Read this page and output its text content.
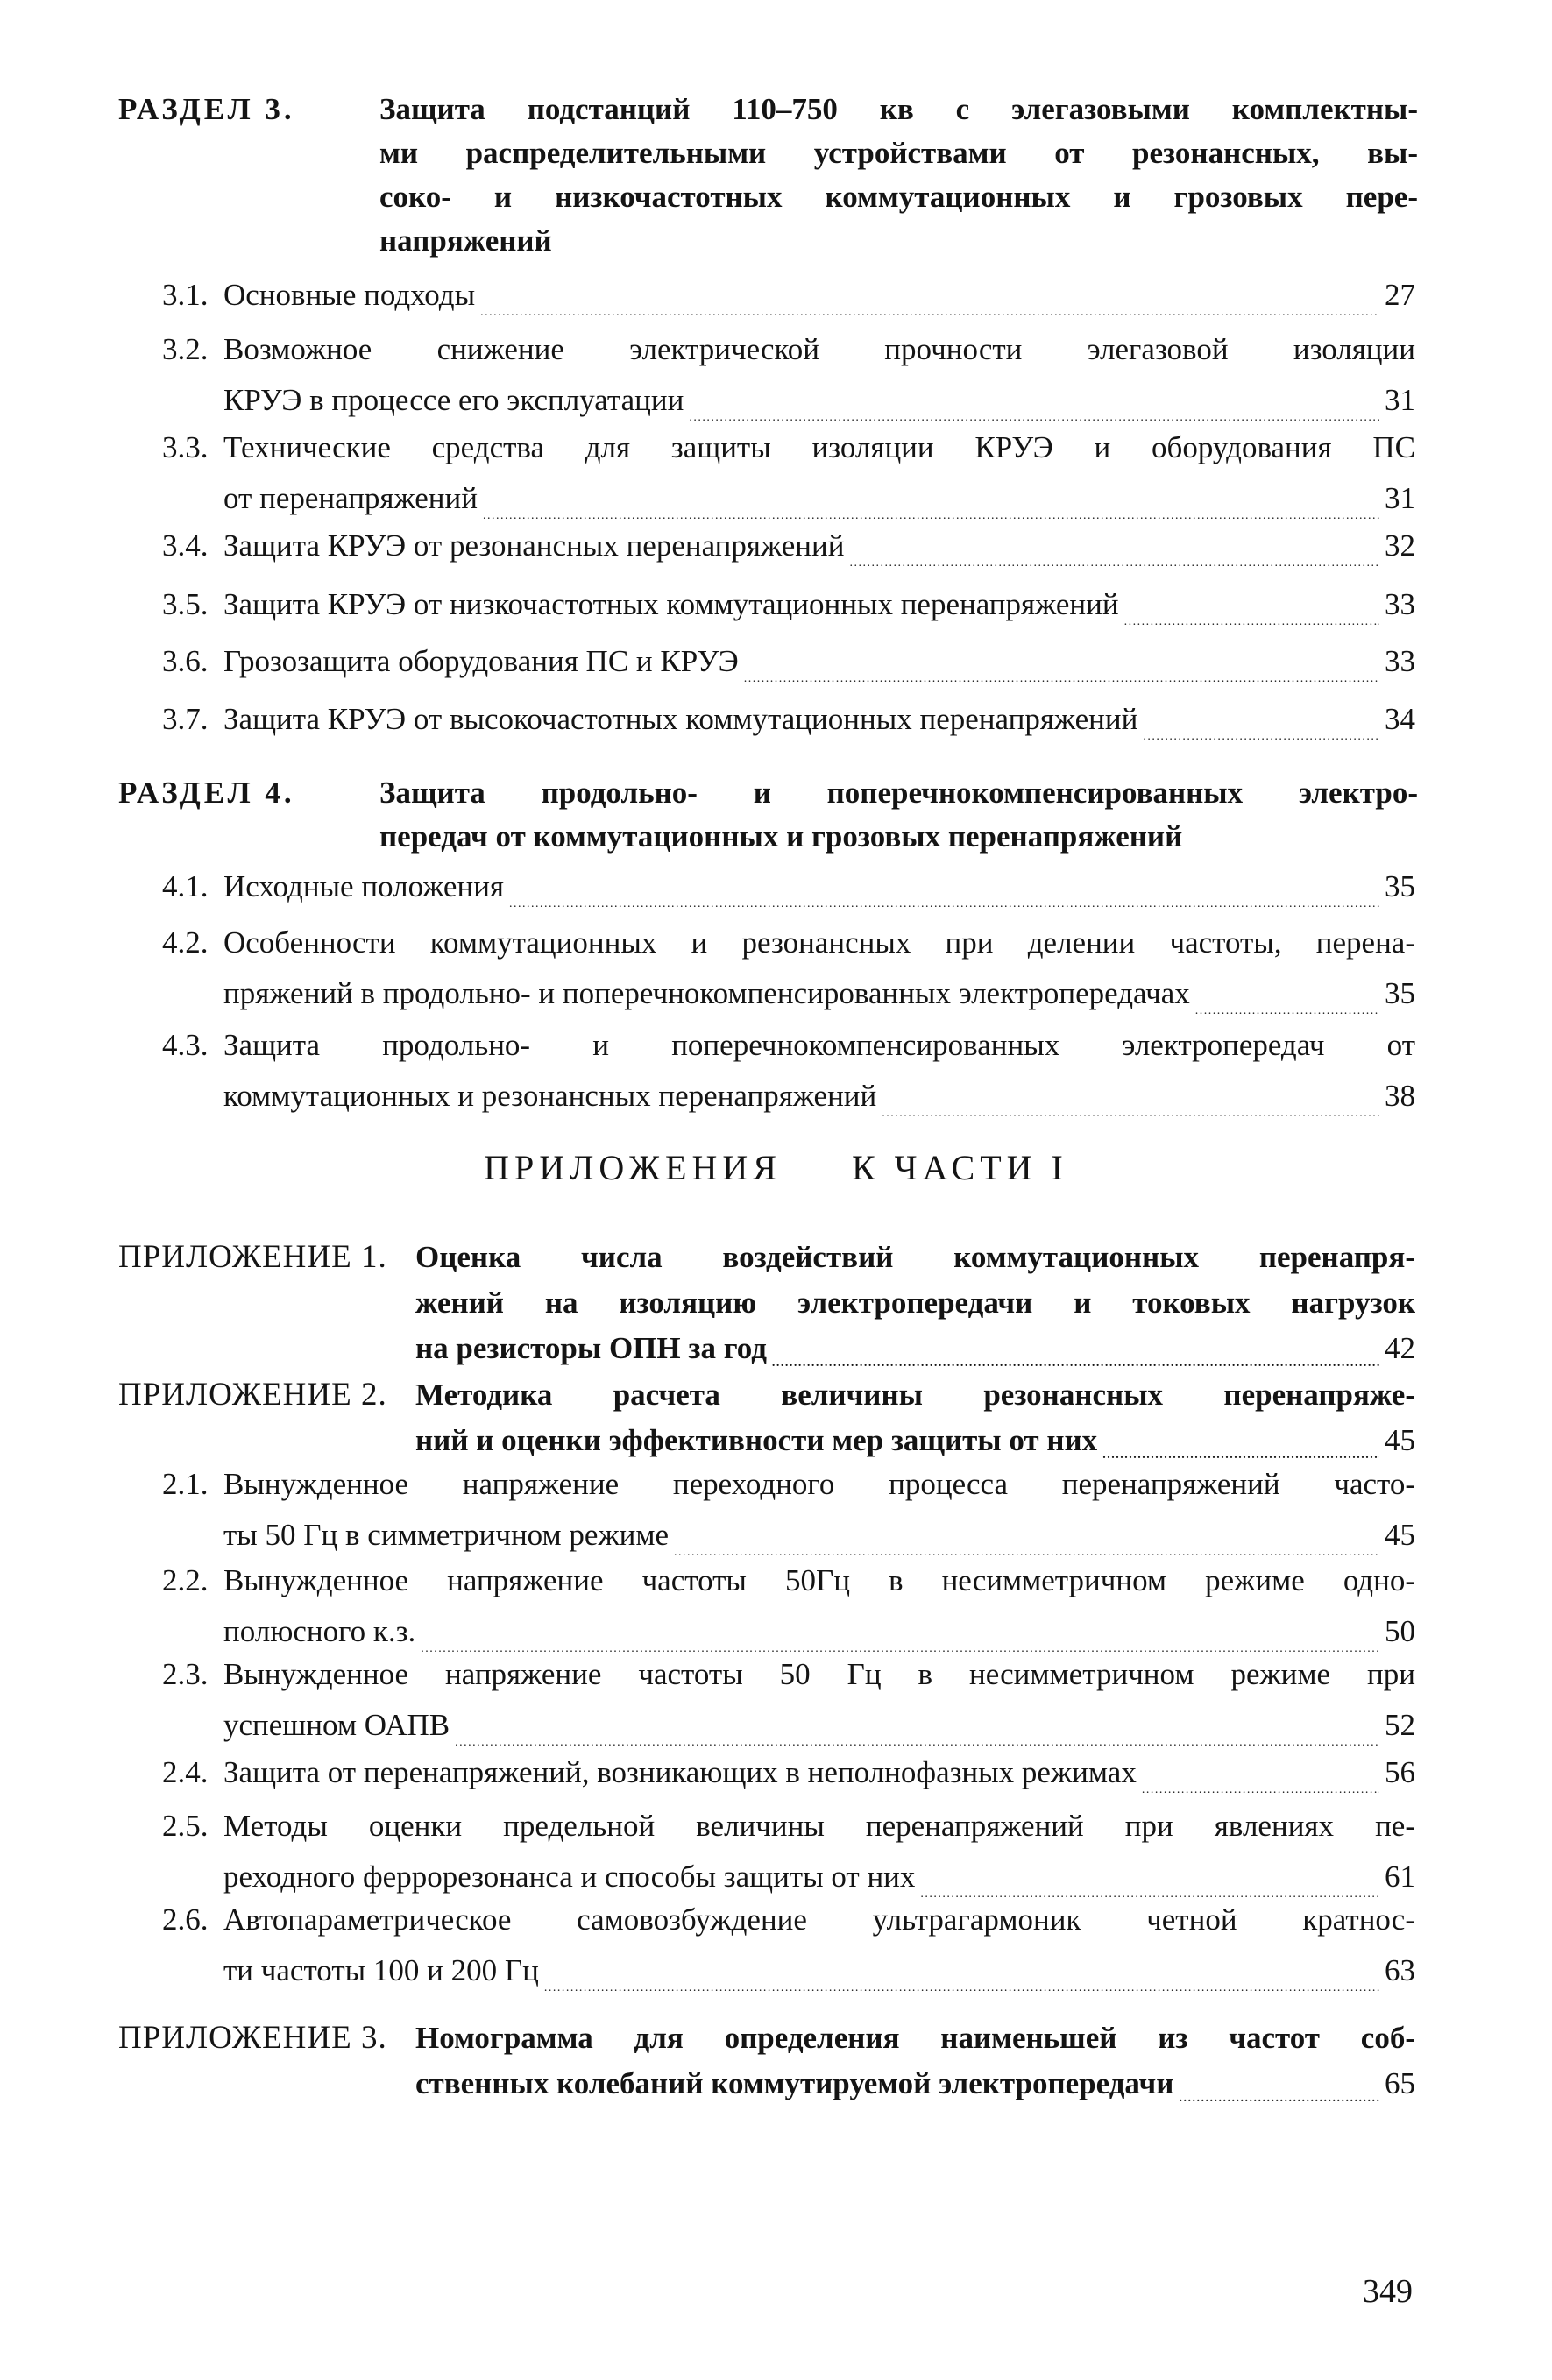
РАЗДЕЛ 3.	Защита подстанций 110–750 кв с элегазовыми комплектны-
ми распределительными устройствами от резонансных, вы-
соко- и низкочастотных коммутационных и грозовых пере-
напряжений
3.1. Основные подходы . . .	27
3.2. Возможное снижение электрической прочности элегазовой изоляции
КРУЭ в процессе его эксплуатации . . .	31
3.3. Технические средства для защиты изоляции КРУЭ и оборудования ПС
от перенапряжений . . .	31
3.4. Защита КРУЭ от резонансных перенапряжений . . .	32
3.5. Защита КРУЭ от низкочастотных коммутационных перенапряжений . . .	33
3.6. Грозозащита оборудования ПС и КРУЭ . . .	33
3.7. Защита КРУЭ от высокочастотных коммутационных перенапряжений . . .	34
РАЗДЕЛ 4.	Защита продольно- и поперечнокомпенсированных электро-
передач от коммутационных и грозовых перенапряжений
4.1. Исходные положения . . .	35
4.2. Особенности коммутационных и резонансных при делении частоты, перена-
пряжений в продольно- и поперечнокомпенсированных электропередачах . . .	35
4.3. Защита продольно- и поперечнокомпенсированных электропередач от
коммутационных и резонансных перенапряжений . . .	38
ПРИЛОЖЕНИЯ К ЧАСТИ I
ПРИЛОЖЕНИЕ 1. Оценка числа воздействий коммутационных перенапря-
жений на изоляцию электропередачи и токовых нагрузок
на резисторы ОПН за год . . .	42
ПРИЛОЖЕНИЕ 2. Методика расчета величины резонансных перенапряже-
ний и оценки эффективности мер защиты от них . . .	45
2.1. Вынужденное напряжение переходного процесса перенапряжений часто-
ты 50 Гц в симметричном режиме . . .	45
2.2. Вынужденное напряжение частоты 50Гц в несимметричном режиме одно-
полюсного к.з. . . .	50
2.3. Вынужденное напряжение частоты 50 Гц в несимметричном режиме при
успешном ОАПВ . . .	52
2.4. Защита от перенапряжений, возникающих в неполнофазных режимах . . .	56
2.5. Методы оценки предельной величины перенапряжений при явлениях пе-
реходного феррорезонанса и способы защиты от них . . .	61
2.6. Автопараметрическое самовозбуждение ультрагармоник четной кратнос-
ти частоты 100 и 200 Гц . . .	63
ПРИЛОЖЕНИЕ 3. Номограмма для определения наименьшей из частот соб-
ственных колебаний коммутируемой электропередачи . . .	65
349
